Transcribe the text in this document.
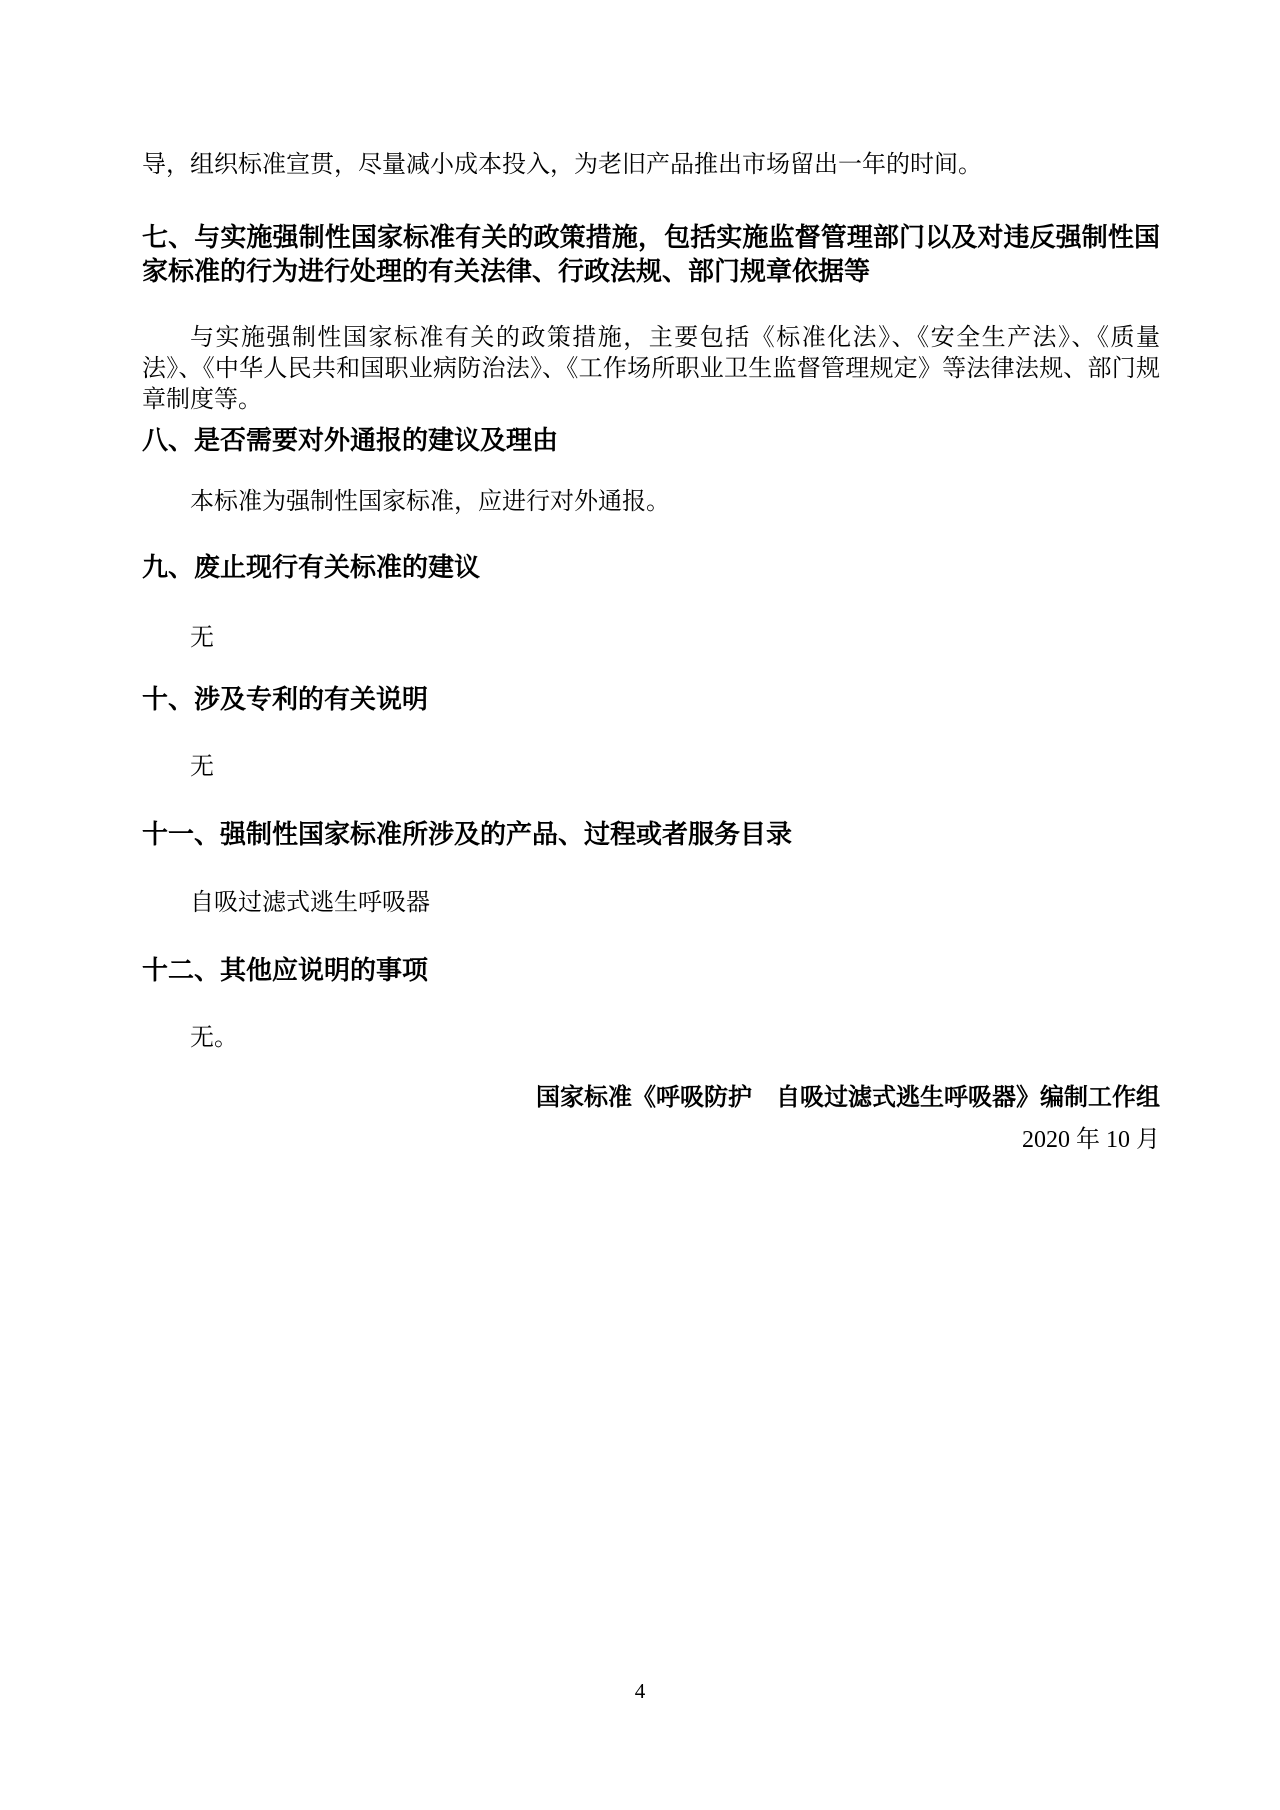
导，组织标准宣贯，尽量减小成本投入，为老旧产品推出市场留出一年的时间。

七、与实施强制性国家标准有关的政策措施，包括实施监督管理部门以及对违反强制性国家标准的行为进行处理的有关法律、行政法规、部门规章依据等

与实施强制性国家标准有关的政策措施，主要包括《标准化法》、《安全生产法》、《质量法》、《中华人民共和国职业病防治法》、《工作场所职业卫生监督管理规定》等法律法规、部门规章制度等。

八、是否需要对外通报的建议及理由

本标准为强制性国家标准，应进行对外通报。

九、废止现行有关标准的建议

无

十、涉及专利的有关说明

无

十一、强制性国家标准所涉及的产品、过程或者服务目录

自吸过滤式逃生呼吸器

十二、其他应说明的事项

无。

国家标准《呼吸防护　自吸过滤式逃生呼吸器》编制工作组

2020 年 10 月

4
